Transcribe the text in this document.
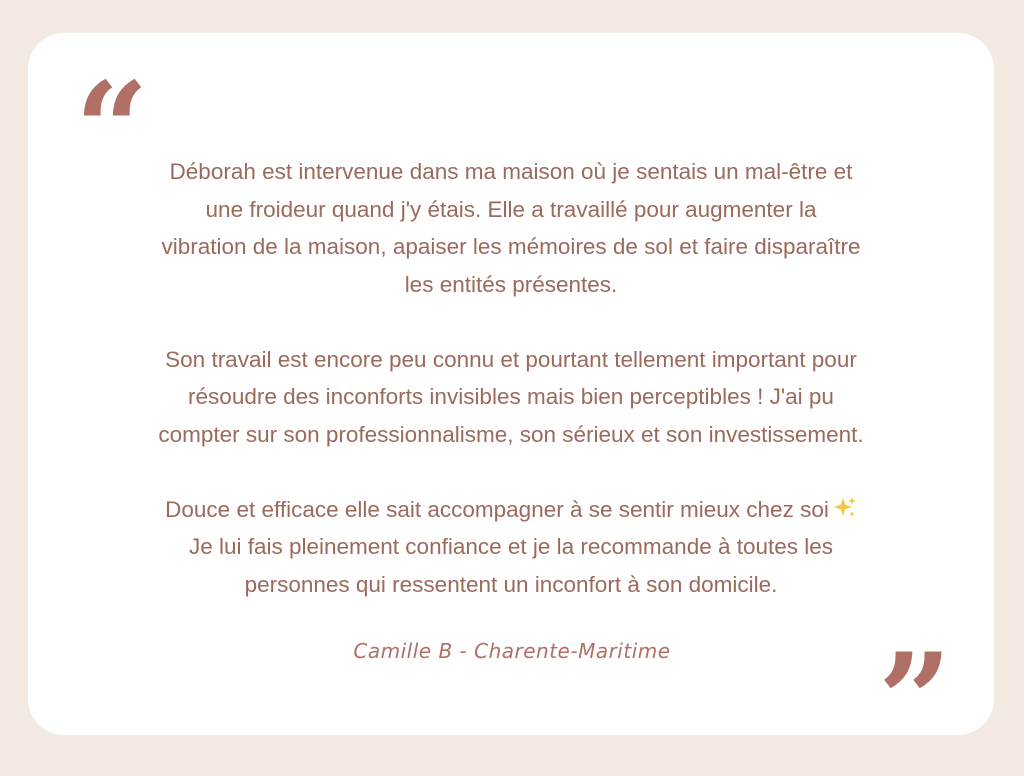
“ Déborah est intervenue dans ma maison où je sentais un mal-être et
une froideur quand j'y étais. Elle a travaillé pour augmenter la
vibration de la maison, apaiser les mémoires de sol et faire disparaître
les entités présentes.

Son travail est encore peu connu et pourtant tellement important pour
résoudre des inconforts invisibles mais bien perceptibles ! J'ai pu
compter sur son professionnalisme, son sérieux et son investissement.

Douce et efficace elle sait accompagner à se sentir mieux chez soi
Je lui fais pleinement confiance et je la recommande à toutes les
personnes qui ressentent un inconfort à son domicile.

Camille B - Charente-Maritime	”
